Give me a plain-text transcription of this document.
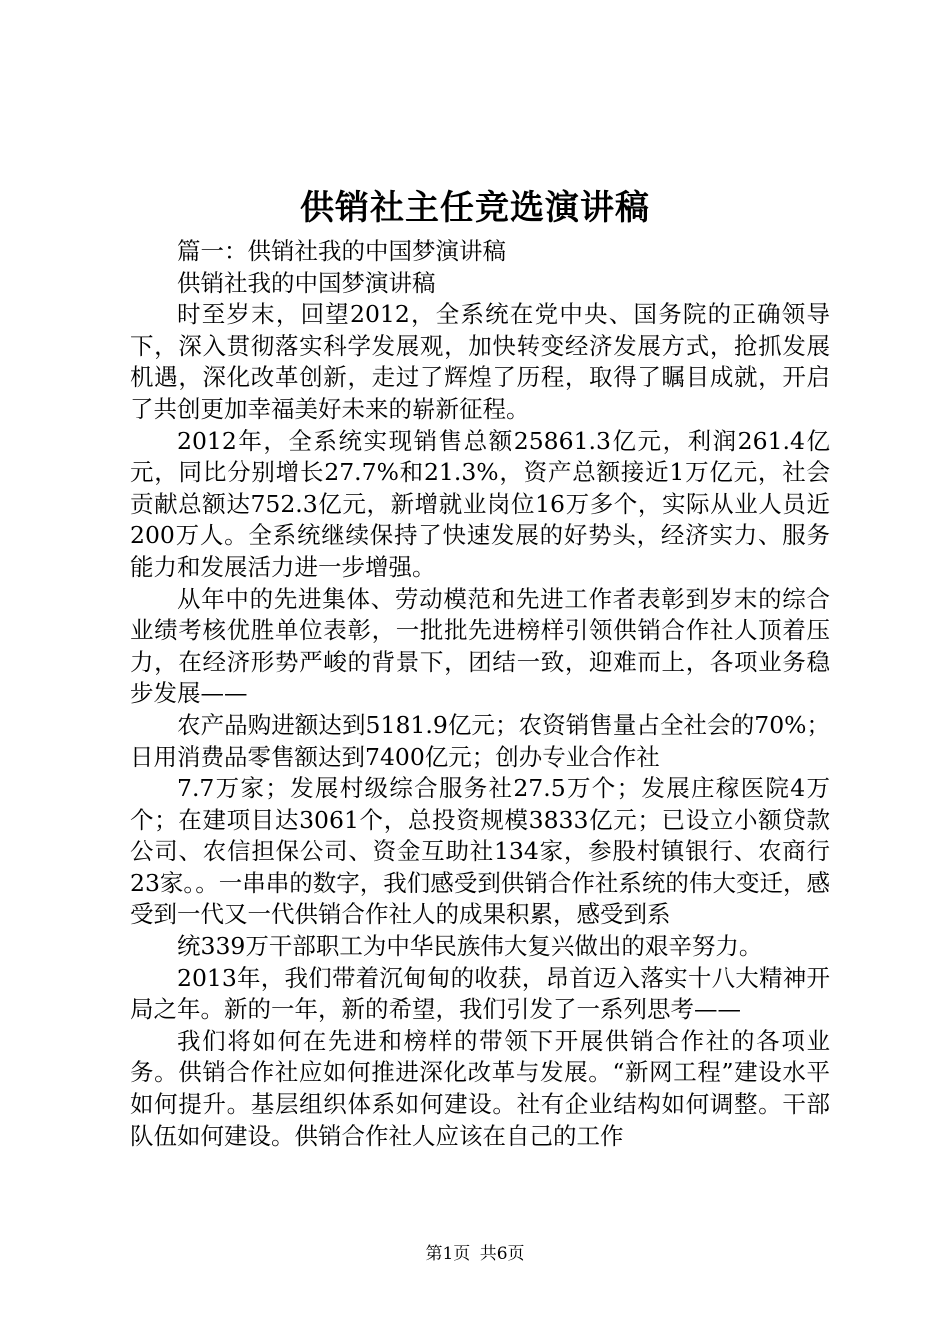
供销社主任竞选演讲稿

篇一：供销社我的中国梦演讲稿

供销社我的中国梦演讲稿

时至岁末，回望2012，全系统在党中央、国务院的正确领导下，深入贯彻落实科学发展观，加快转变经济发展方式，抢抓发展机遇，深化改革创新，走过了辉煌了历程，取得了瞩目成就，开启了共创更加幸福美好未来的崭新征程。

2012年，全系统实现销售总额25861.3亿元，利润261.4亿元，同比分别增长27.7%和21.3%，资产总额接近1万亿元，社会贡献总额达752.3亿元，新增就业岗位16万多个，实际从业人员近200万人。全系统继续保持了快速发展的好势头，经济实力、服务能力和发展活力进一步增强。

从年中的先进集体、劳动模范和先进工作者表彰到岁末的综合业绩考核优胜单位表彰，一批批先进榜样引领供销合作社人顶着压力，在经济形势严峻的背景下，团结一致，迎难而上，各项业务稳步发展——

农产品购进额达到5181.9亿元；农资销售量占全社会的70%；日用消费品零售额达到7400亿元；创办专业合作社

7.7万家；发展村级综合服务社27.5万个；发展庄稼医院4万个；在建项目达3061个，总投资规模3833亿元；已设立小额贷款公司、农信担保公司、资金互助社134家，参股村镇银行、农商行23家。。一串串的数字，我们感受到供销合作社系统的伟大变迁，感受到一代又一代供销合作社人的成果积累，感受到系

统339万干部职工为中华民族伟大复兴做出的艰辛努力。

2013年，我们带着沉甸甸的收获，昂首迈入落实十八大精神开局之年。新的一年，新的希望，我们引发了一系列思考——

我们将如何在先进和榜样的带领下开展供销合作社的各项业务。供销合作社应如何推进深化改革与发展。“新网工程”建设水平如何提升。基层组织体系如何建设。社有企业结构如何调整。干部队伍如何建设。供销合作社人应该在自己的工作

第1页 共6页
